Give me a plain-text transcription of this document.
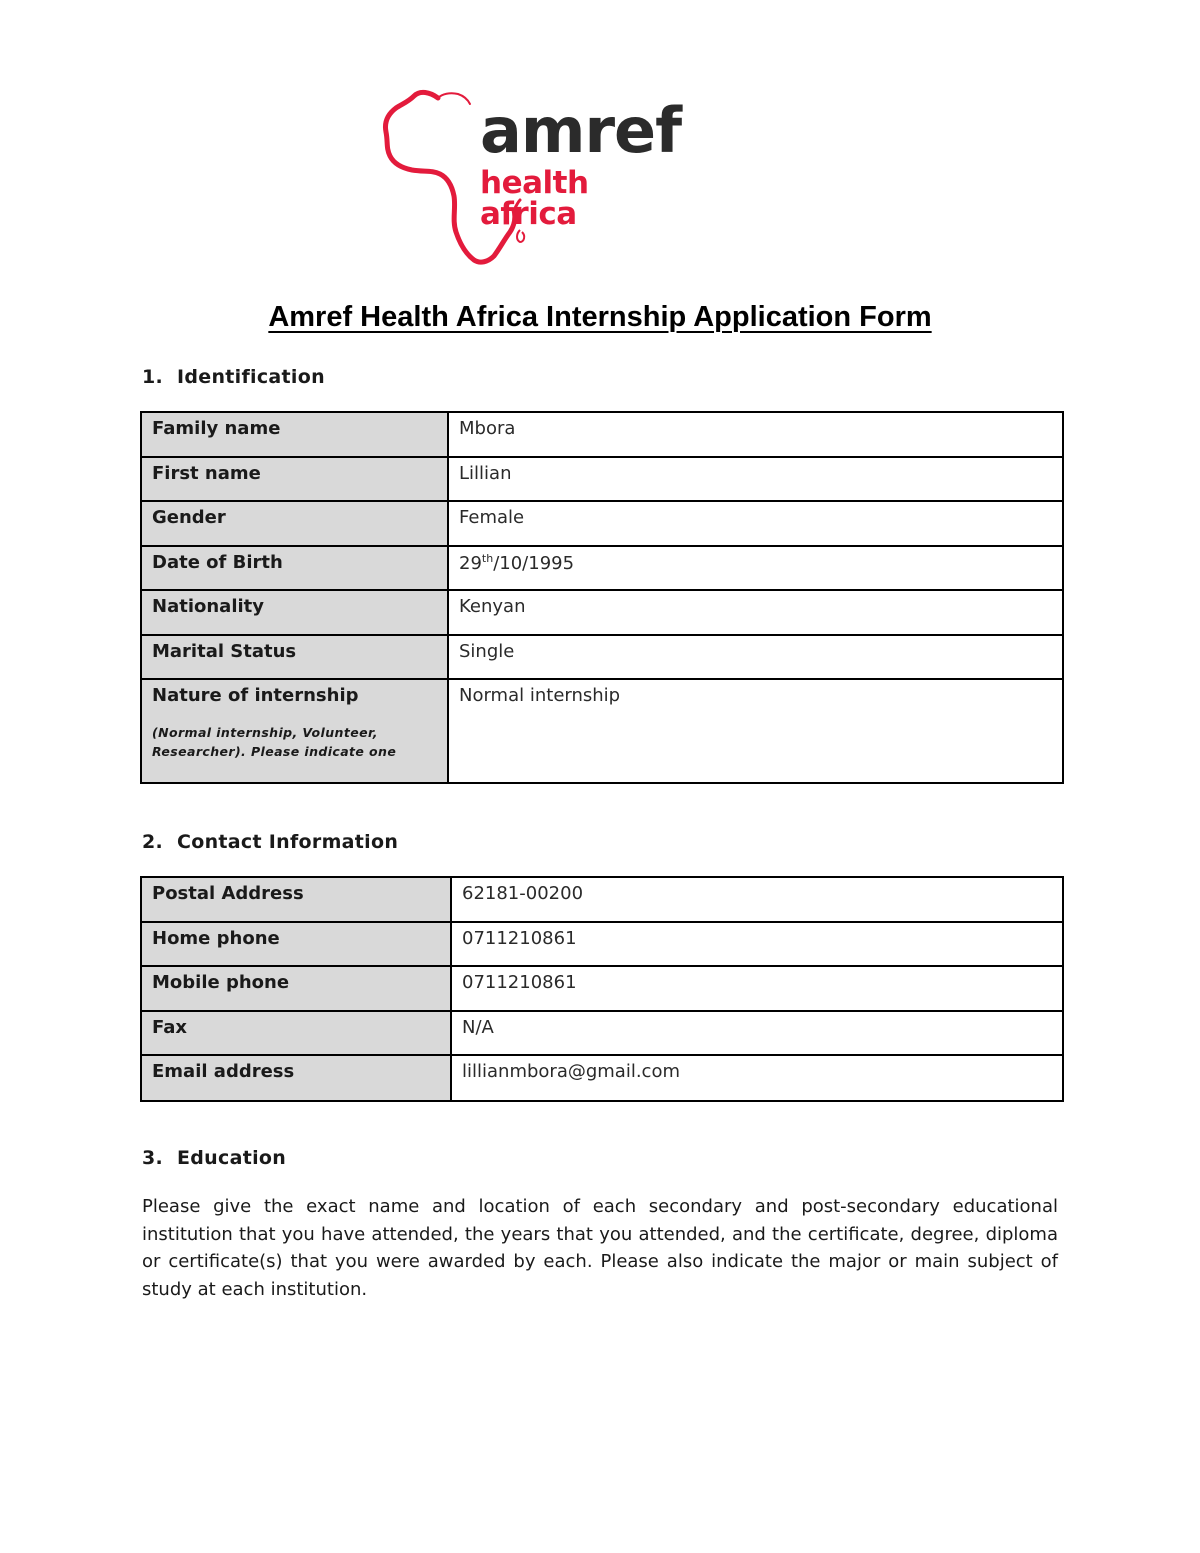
amref
health africa
Amref Health Africa Internship Application Form
1. Identification
Family name	Mbora
First name	Lillian
Gender	Female
Date of Birth	29th/10/1995
Nationality	Kenyan
Marital Status	Single
Nature of internship
(Normal internship, Volunteer,
Researcher). Please indicate one	Normal internship
2. Contact Information
Postal Address	62181-00200
Home phone	0711210861
Mobile phone	0711210861
Fax	N/A
Email address	lillianmbora@gmail.com
3. Education
Please give the exact name and location of each secondary and post-secondary educational institution that you have attended, the years that you attended, and the certificate, degree, diploma or certificate(s) that you were awarded by each. Please also indicate the major or main subject of study at each institution.
